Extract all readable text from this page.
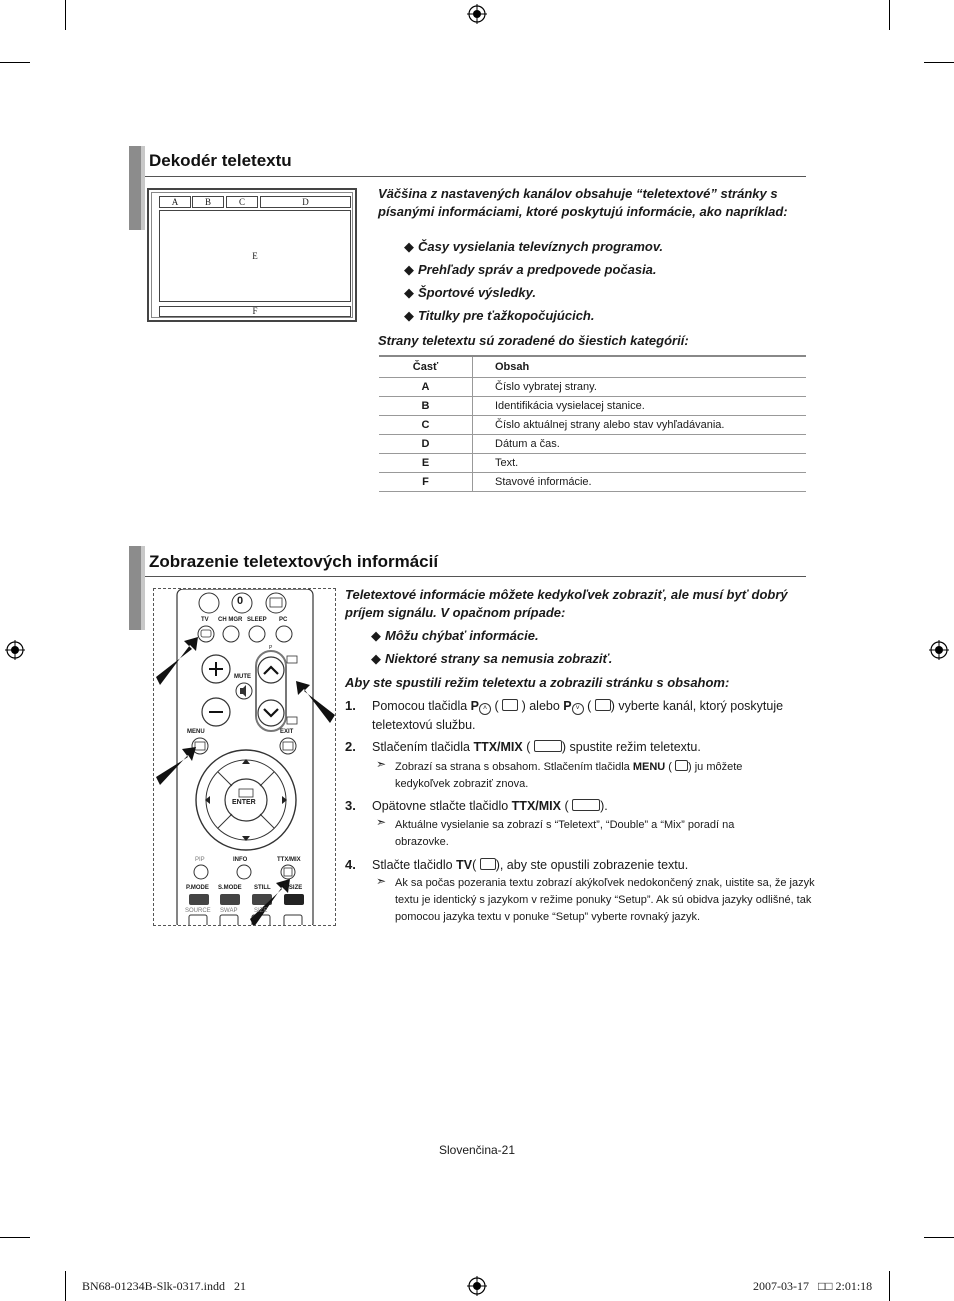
Dekodér teletextu
A	B	C	D
E
F
Väčšina z nastavených kanálov obsahuje “teletextové” stránky s písanými informáciami, ktoré poskytujú informácie, ako napríklad:
◆ Časy vysielania televíznych programov.
◆ Prehľady správ a predpovede počasia.
◆ Športové výsledky.
◆ Titulky pre ťažkopočujúcich.
Strany teletextu sú zoradené do šiestich kategórií:
Časť	Obsah
A	Číslo vybratej strany.
B	Identifikácia vysielacej stanice.
C	Číslo aktuálnej strany alebo stav vyhľadávania.
D	Dátum a čas.
E	Text.
F	Stavové informácie.
Zobrazenie teletextových informácií
0
TV CH MGR SLEEP PC
P
MUTE
MENU	EXIT
ENTER
PIP	INFO	TTX/MIX
P.MODE S.MODE STILL P.SIZE
SOURCE SWAP	SIZE
Teletextové informácie môžete kedykoľvek zobraziť, ale musí byť dobrý príjem signálu. V opačnom prípade:
◆ Môžu chýbať informácie.
◆ Niektoré strany sa nemusia zobraziť.
Aby ste spustili režim teletextu a zobrazili stránku s obsahom:
1. Pomocou tlačidla P ˄ (  ) alebo P ˅ ( ) vyberte kanál, ktorý poskytuje
teletextovú službu.
2. Stlačením tlačidla TTX/MIX ( ) spustite režim teletextu.
➣ Zobrazí sa strana s obsahom. Stlačením tlačidla MENU ( ) ju môžete
kedykoľvek zobraziť znova.
3. Opätovne stlačte tlačidlo TTX/MIX ( ).
➣ Aktuálne vysielanie sa zobrazí s “Teletext”, “Double” a “Mix” poradí na
obrazovke.
4. Stlačte tlačidlo TV( ), aby ste opustili zobrazenie textu.
➣ Ak sa počas pozerania textu zobrazí akýkoľvek nedokončený znak, uistite sa, že jazyk
textu je identický s jazykom v režime ponuky “Setup”. Ak sú obidva jazyky odlišné, tak
pomocou jazyka textu v ponuke “Setup” vyberte rovnaký jazyk.
Slovenčina-21
BN68-01234B-Slk-0317.indd   21	2007-03-17   □□ 2:01:18
